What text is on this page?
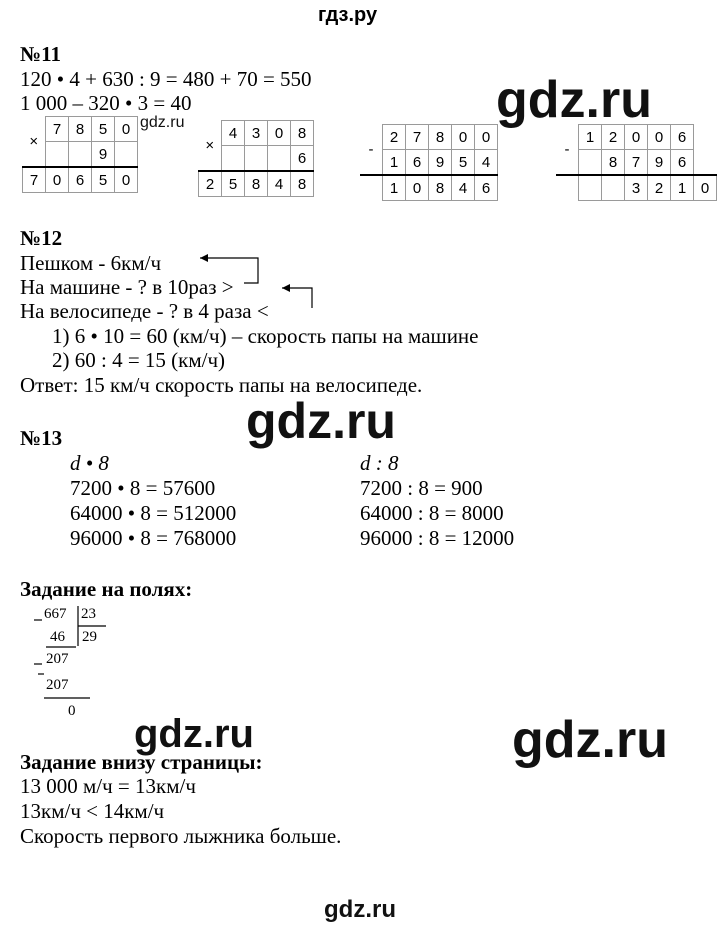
гдз.ру
№11
120 • 4 + 630 : 9 = 480 + 70 = 550
1 000 – 320 • 3 = 40	gdz.ru
gdz.ru
×	7	8	5	0
			9	
7	0	6	5	0
×	4	3	0	8
				6
2	5	8	4	8
-	2	7	8	0	0
	1	6	9	5	4
	1	0	8	4	6
-	1	2	0	0	6	
		8	7	9	6	
			3	2	1	0
№12
Пешком - 6км/ч
На машине - ? в 10раз >
На велосипеде - ? в 4 раза <
1) 6 • 10 = 60 (км/ч) – скорость папы на машине
2) 60 : 4 = 15 (км/ч)
Ответ: 15 км/ч скорость папы на велосипеде.
gdz.ru
№13
d • 8
7200 • 8 = 57600
64000 • 8 = 512000
96000 • 8 = 768000
d : 8
7200 : 8 = 900
64000 : 8 = 8000
96000 : 8 = 12000
Задание на полях:
667 23
46 29
207
207
0
gdz.ru	gdz.ru
Задание внизу страницы:
13 000 м/ч = 13км/ч
13км/ч < 14км/ч
Скорость первого лыжника больше.
gdz.ru
